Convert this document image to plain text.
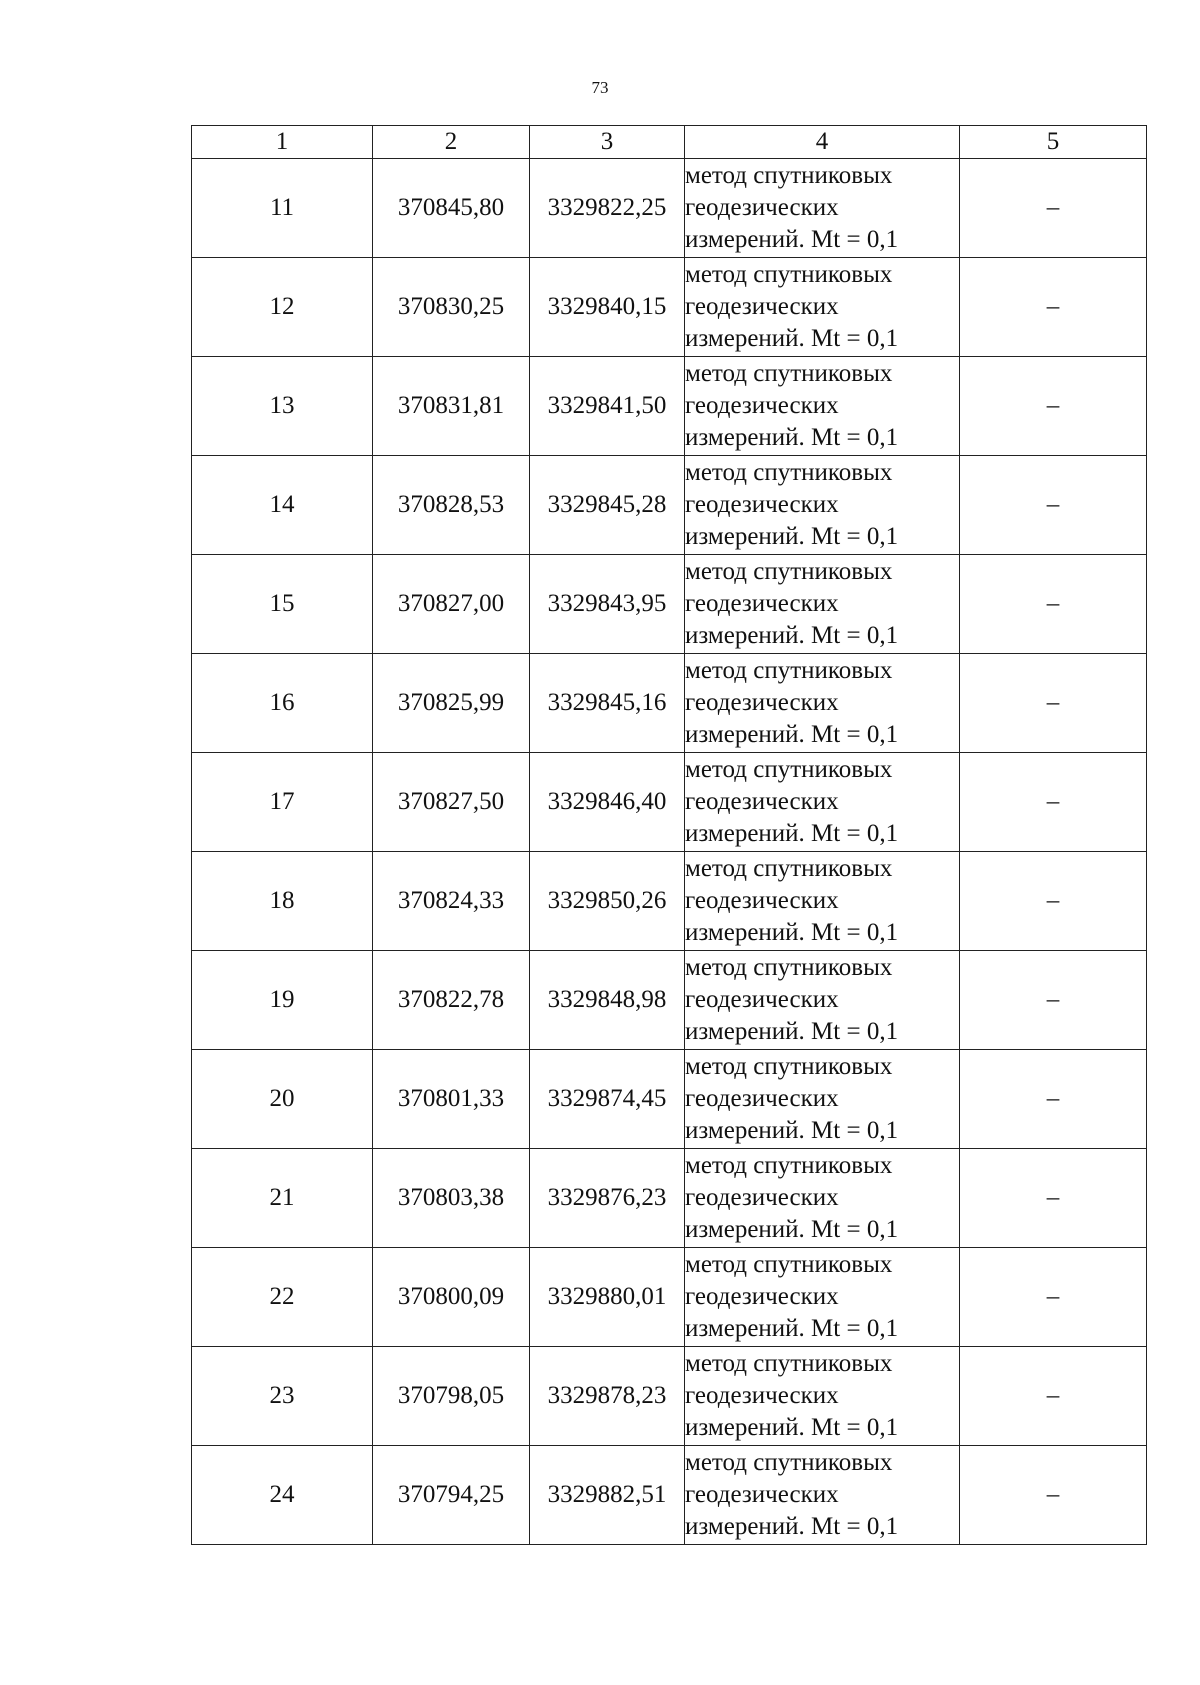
73
1	2	3	4	5
11	370845,80	3329822,25	метод спутниковых
геодезических
измерений. Mt = 0,1	–
12	370830,25	3329840,15	метод спутниковых
геодезических
измерений. Mt = 0,1	–
13	370831,81	3329841,50	метод спутниковых
геодезических
измерений. Mt = 0,1	–
14	370828,53	3329845,28	метод спутниковых
геодезических
измерений. Mt = 0,1	–
15	370827,00	3329843,95	метод спутниковых
геодезических
измерений. Mt = 0,1	–
16	370825,99	3329845,16	метод спутниковых
геодезических
измерений. Mt = 0,1	–
17	370827,50	3329846,40	метод спутниковых
геодезических
измерений. Mt = 0,1	–
18	370824,33	3329850,26	метод спутниковых
геодезических
измерений. Mt = 0,1	–
19	370822,78	3329848,98	метод спутниковых
геодезических
измерений. Mt = 0,1	–
20	370801,33	3329874,45	метод спутниковых
геодезических
измерений. Mt = 0,1	–
21	370803,38	3329876,23	метод спутниковых
геодезических
измерений. Mt = 0,1	–
22	370800,09	3329880,01	метод спутниковых
геодезических
измерений. Mt = 0,1	–
23	370798,05	3329878,23	метод спутниковых
геодезических
измерений. Mt = 0,1	–
24	370794,25	3329882,51	метод спутниковых
геодезических
измерений. Mt = 0,1	–
